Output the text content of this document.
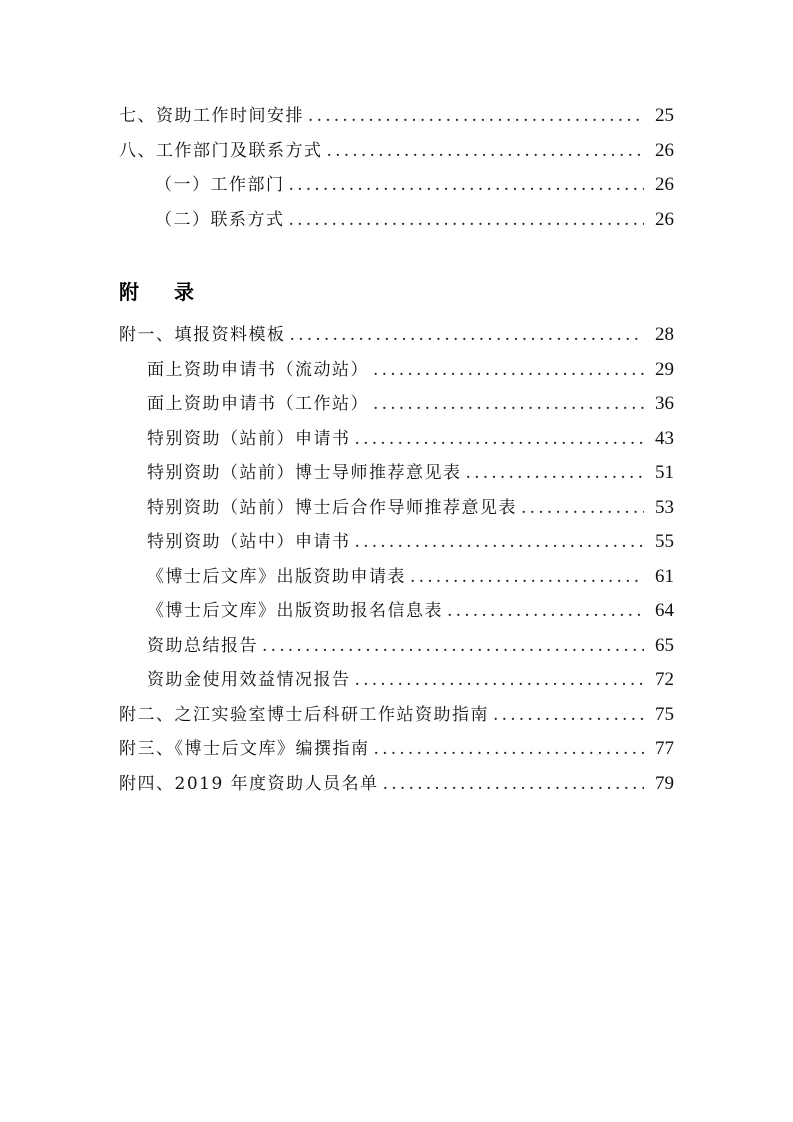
七、资助工作时间安排 .....	25
八、工作部门及联系方式 .....	26
（一）工作部门 .....	26
（二）联系方式 .....	26
附 录
附一、填报资料模板 .....	28
面上资助申请书（流动站） .....	29
面上资助申请书（工作站） .....	36
特别资助（站前）申请书 .....	43
特别资助（站前）博士导师推荐意见表 .....	51
特别资助（站前）博士后合作导师推荐意见表 .....	53
特别资助（站中）申请书 .....	55
《博士后文库》出版资助申请表 .....	61
《博士后文库》出版资助报名信息表 .....	64
资助总结报告 .....	65
资助金使用效益情况报告 .....	72
附二、之江实验室博士后科研工作站资助指南 .....	75
附三、《博士后文库》编撰指南 .....	77
附四、2019 年度资助人员名单 .....	79
